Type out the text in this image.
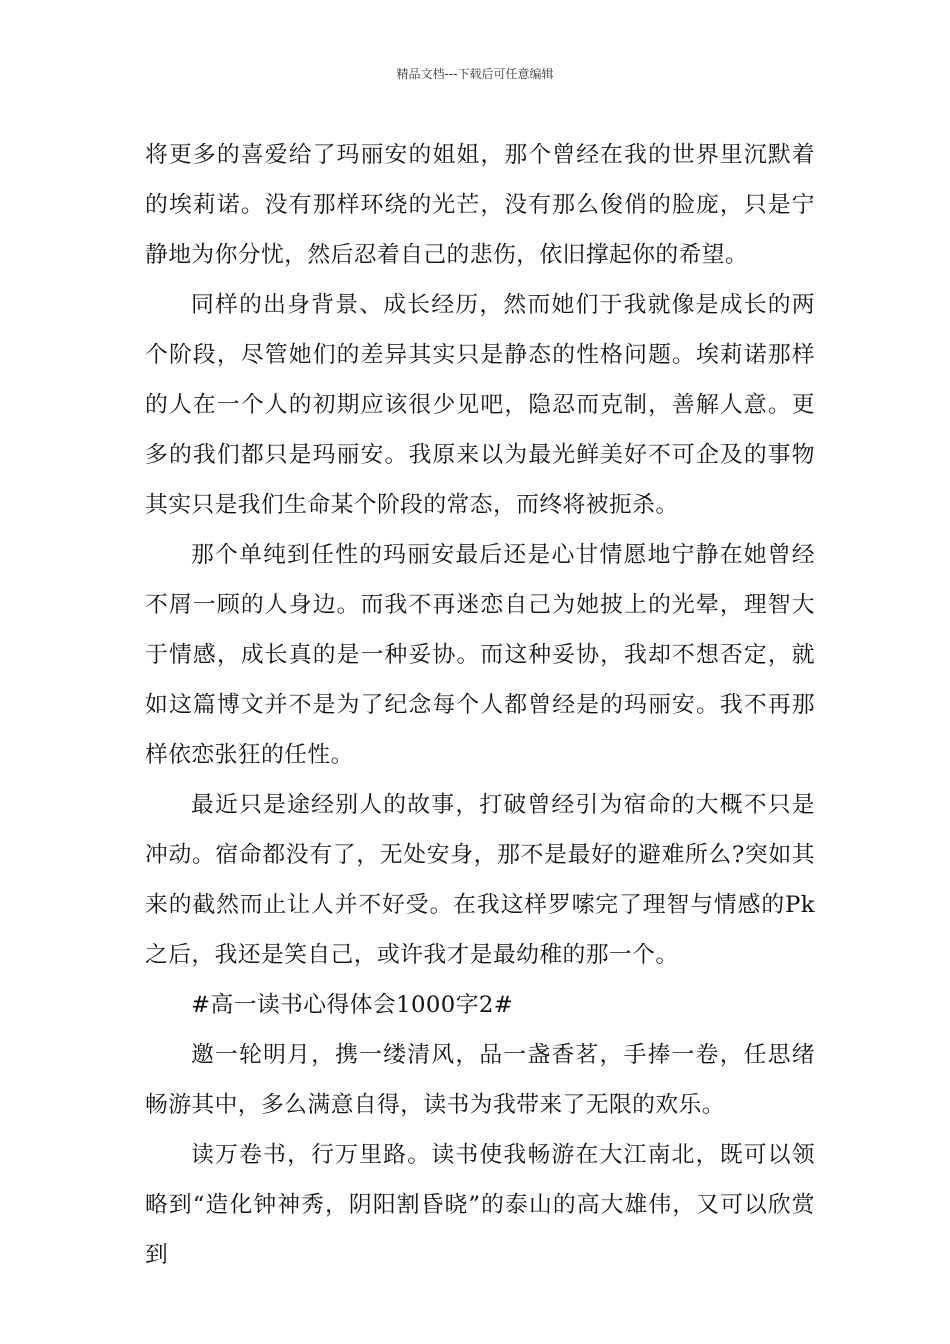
精品文档---下载后可任意编辑

将更多的喜爱给了玛丽安的姐姐，那个曾经在我的世界里沉默着的埃莉诺。没有那样环绕的光芒，没有那么俊俏的脸庞，只是宁静地为你分忧，然后忍着自己的悲伤，依旧撑起你的希望。

同样的出身背景、成长经历，然而她们于我就像是成长的两个阶段，尽管她们的差异其实只是静态的性格问题。埃莉诺那样的人在一个人的初期应该很少见吧，隐忍而克制，善解人意。更多的我们都只是玛丽安。我原来以为最光鲜美好不可企及的事物其实只是我们生命某个阶段的常态，而终将被扼杀。

那个单纯到任性的玛丽安最后还是心甘情愿地宁静在她曾经不屑一顾的人身边。而我不再迷恋自己为她披上的光晕，理智大于情感，成长真的是一种妥协。而这种妥协，我却不想否定，就如这篇博文并不是为了纪念每个人都曾经是的玛丽安。我不再那样依恋张狂的任性。

最近只是途经别人的故事，打破曾经引为宿命的大概不只是冲动。宿命都没有了，无处安身，那不是最好的避难所么?突如其来的截然而止让人并不好受。在我这样罗嗦完了理智与情感的Pk之后，我还是笑自己，或许我才是最幼稚的那一个。

#高一读书心得体会1000字2#

邀一轮明月，携一缕清风，品一盏香茗，手捧一卷，任思绪畅游其中，多么满意自得，读书为我带来了无限的欢乐。

读万卷书，行万里路。读书使我畅游在大江南北，既可以领略到“造化钟神秀，阴阳割昏晓”的泰山的高大雄伟，又可以欣赏到
